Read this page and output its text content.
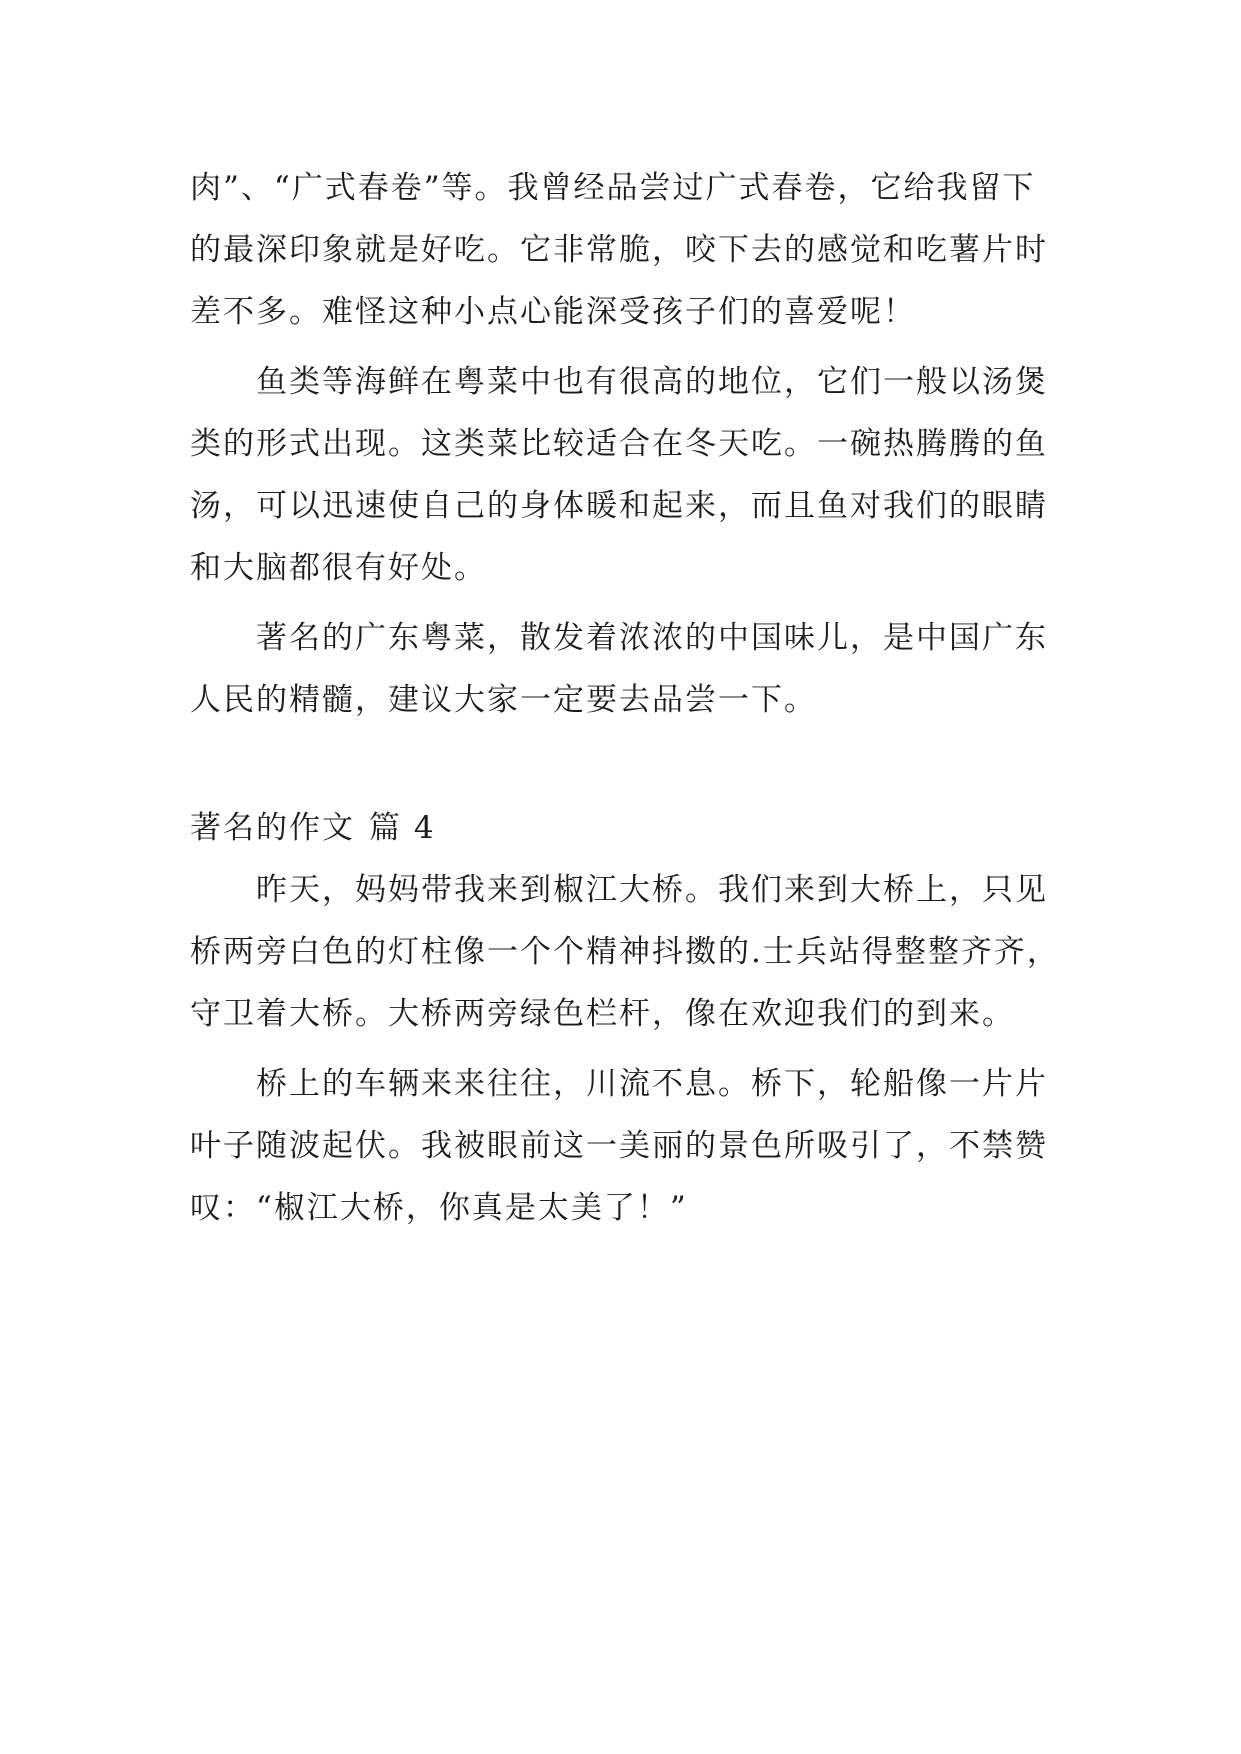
肉”、“广式春卷”等。我曾经品尝过广式春卷，它给我留下

的最深印象就是好吃。它非常脆，咬下去的感觉和吃薯片时

差不多。难怪这种小点心能深受孩子们的喜爱呢！

鱼类等海鲜在粤菜中也有很高的地位，它们一般以汤煲

类的形式出现。这类菜比较适合在冬天吃。一碗热腾腾的鱼

汤，可以迅速使自己的身体暖和起来，而且鱼对我们的眼睛

和大脑都很有好处。

著名的广东粤菜，散发着浓浓的中国味儿，是中国广东

人民的精髓，建议大家一定要去品尝一下。

著名的作文 篇 4

昨天，妈妈带我来到椒江大桥。我们来到大桥上，只见

桥两旁白色的灯柱像一个个精神抖擞的.士兵站得整整齐齐，

守卫着大桥。大桥两旁绿色栏杆，像在欢迎我们的到来。

桥上的车辆来来往往，川流不息。桥下，轮船像一片片

叶子随波起伏。我被眼前这一美丽的景色所吸引了，不禁赞

叹：“椒江大桥，你真是太美了！”
